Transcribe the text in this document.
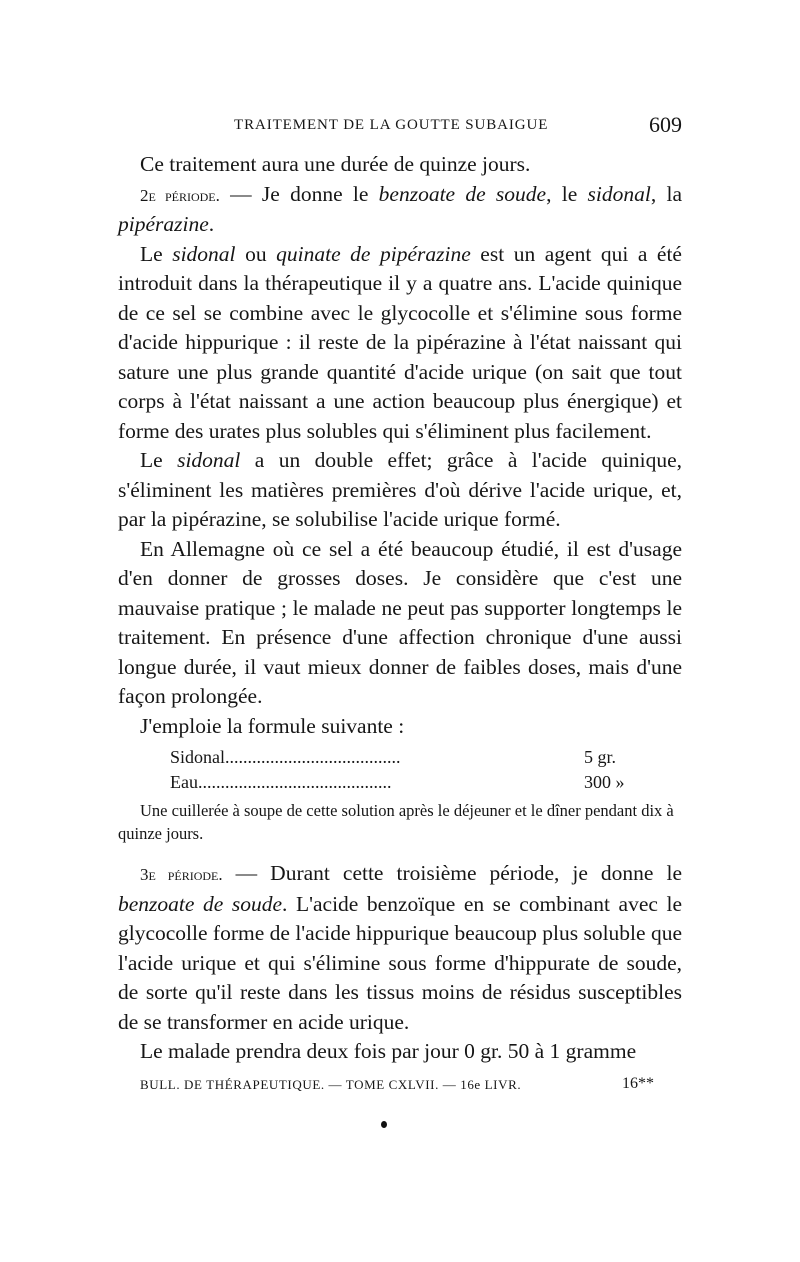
TRAITEMENT DE LA GOUTTE SUBAIGUE	609

Ce traitement aura une durée de quinze jours.

2e période. — Je donne le benzoate de soude, le sidonal, la pipérazine.

Le sidonal ou quinate de pipérazine est un agent qui a été introduit dans la thérapeutique il y a quatre ans. L'acide quinique de ce sel se combine avec le glycocolle et s'élimine sous forme d'acide hippurique : il reste de la pipérazine à l'état naissant qui sature une plus grande quantité d'acide urique (on sait que tout corps à l'état naissant a une action beaucoup plus énergique) et forme des urates plus solubles qui s'éliminent plus facilement.

Le sidonal a un double effet; grâce à l'acide quinique, s'éliminent les matières premières d'où dérive l'acide urique, et, par la pipérazine, se solubilise l'acide urique formé.

En Allemagne où ce sel a été beaucoup étudié, il est d'usage d'en donner de grosses doses. Je considère que c'est une mauvaise pratique ; le malade ne peut pas supporter longtemps le traitement. En présence d'une affection chronique d'une aussi longue durée, il vaut mieux donner de faibles doses, mais d'une façon prolongée.

J'emploie la formule suivante :

Sidonal.......................................	5 gr.
Eau...........................................	300 »
Une cuillerée à soupe de cette solution après le déjeuner et le dîner pendant dix à quinze jours.

3e période. — Durant cette troisième période, je donne le benzoate de soude. L'acide benzoïque en se combinant avec le glycocolle forme de l'acide hippurique beaucoup plus soluble que l'acide urique et qui s'élimine sous forme d'hippurate de soude, de sorte qu'il reste dans les tissus moins de résidus susceptibles de se transformer en acide urique.

Le malade prendra deux fois par jour 0 gr. 50 à 1 gramme

BULL. DE THÉRAPEUTIQUE. — TOME CXLVII. — 16e LIVR.	16**
